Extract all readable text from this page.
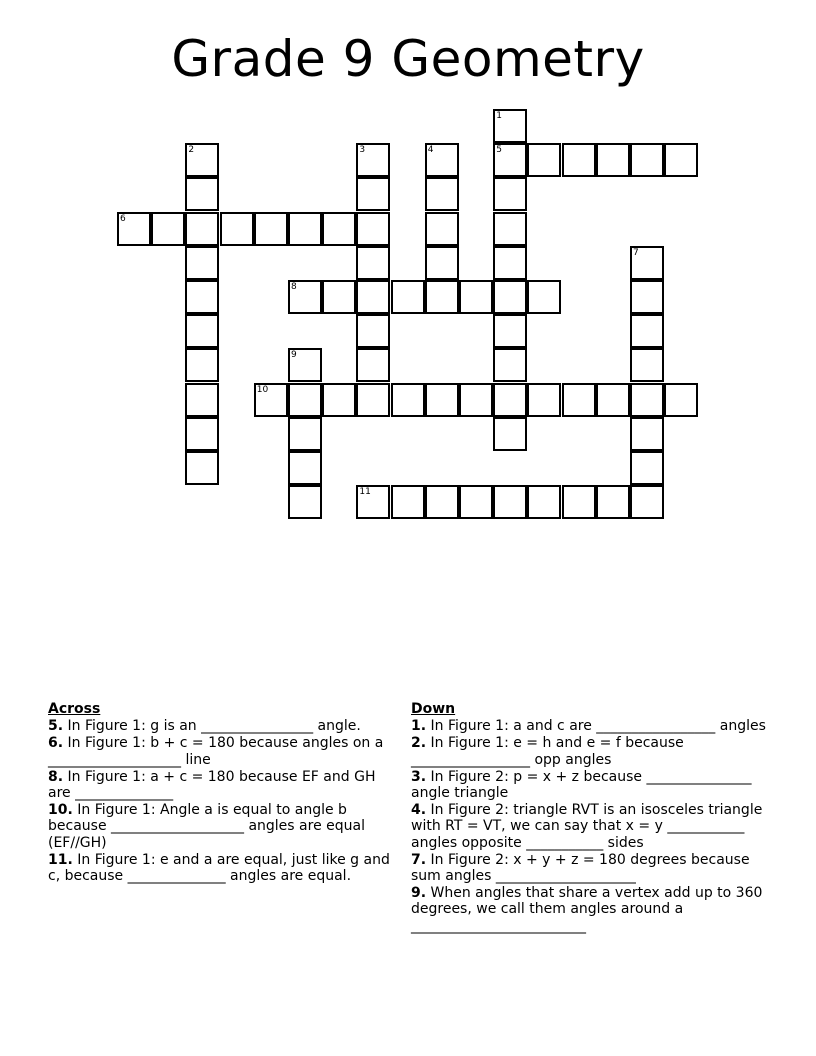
Grade 9 Geometry
1
5
2	3	4
6
7
8
9
10
11
Across
5. In Figure 1: g is an ________________ angle.
6. In Figure 1: b + c = 180 because angles on a ___________________ line
8. In Figure 1: a + c = 180 because EF and GH are ______________
10. In Figure 1: Angle a is equal to angle b because ___________________ angles are equal (EF//GH)
11. In Figure 1: e and a are equal, just like g and c, because ______________ angles are equal.
Down
1. In Figure 1: a and c are _________________ angles
2. In Figure 1: e = h and e = f because _________________ opp angles
3. In Figure 2: p = x + z because _______________ angle triangle
4. In Figure 2: triangle RVT is an isosceles triangle with RT = VT, we can say that x = y ___________ angles opposite ___________ sides
7. In Figure 2: x + y + z = 180 degrees because sum angles ____________________
9. When angles that share a vertex add up to 360 degrees, we call them angles around a _________________________
